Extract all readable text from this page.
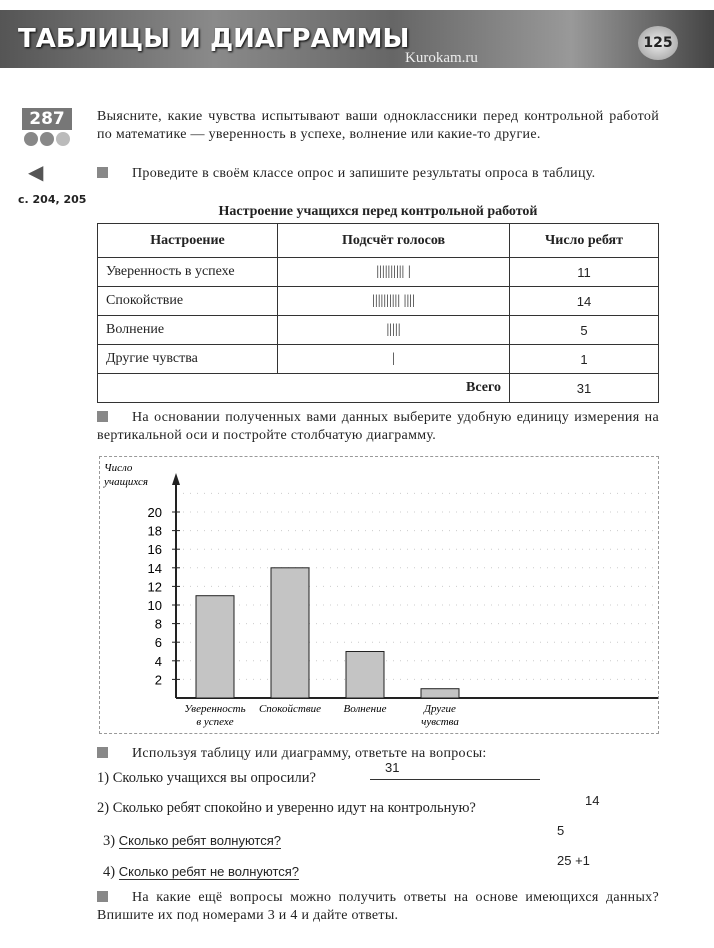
ТАБЛИЦЫ И ДИАГРАММЫ
Kurokam.ru
125
287
◀
с. 204, 205
Выясните, какие чувства испытывают ваши одноклассники перед контрольной работой по математике — уверенность в успехе, волнение или какие-то другие.
Проведите в своём классе опрос и запишите результаты опроса в таблицу.
Настроение учащихся перед контрольной работой
Настроение	Подсчёт голосов	Число ребят
Уверенность в успехе	|||||||||| |	11
Спокойствие	|||||||||| ||||	14
Волнение	|||||	5
Другие чувства	|	1
Всего		31
На основании полученных вами данных выберите удобную единицу измерения на вертикальной оси и постройте столбчатую диаграмму.
Число
учащихся
2
4
6
8
10
12
14
16
18
20
Уверенность
в успехе
Спокойствие Волнение	Другие
чувства
Используя таблицу или диаграмму, ответьте на вопросы:
1) Сколько учащихся вы опросили?
31
2) Сколько ребят спокойно и уверенно идут на контрольную?	14
3) Сколько ребят волнуются?
5
4) Сколько ребят не волнуются?
25 +1
На какие ещё вопросы можно получить ответы на основе имеющихся данных? Впишите их под номерами 3 и 4 и дайте ответы.
